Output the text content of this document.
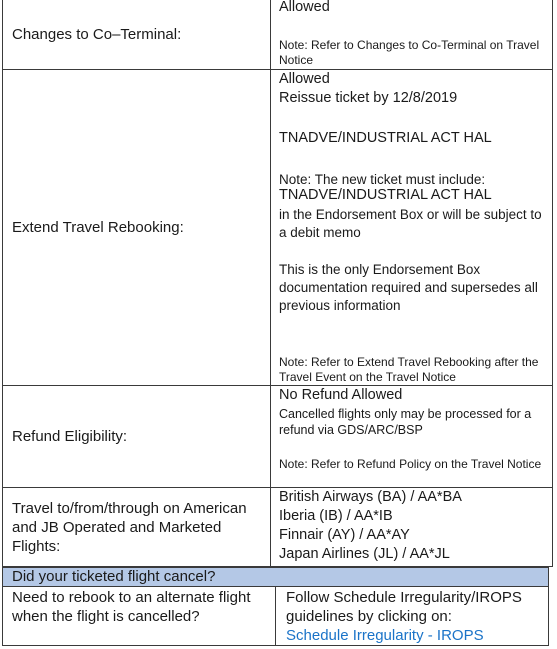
Changes to Co–Terminal:
Allowed
Note: Refer to Changes to Co-Terminal on Travel Notice
Extend Travel Rebooking:
Allowed
Reissue ticket by 12/8/2019
TNADVE/INDUSTRIAL ACT HAL
Note: The new ticket must include:
TNADVE/INDUSTRIAL ACT HAL
in the Endorsement Box or will be subject to a debit memo
This is the only Endorsement Box documentation required and supersedes all previous information
Note: Refer to Extend Travel Rebooking after the Travel Event on the Travel Notice
Refund Eligibility:
No Refund Allowed
Cancelled flights only may be processed for a refund via GDS/ARC/BSP
Note: Refer to Refund Policy on the Travel Notice
Travel to/from/through on American and JB Operated and Marketed Flights:
British Airways (BA) / AA*BA
Iberia (IB) / AA*IB
Finnair (AY) / AA*AY
Japan Airlines (JL) / AA*JL
Did your ticketed flight cancel?
Need to rebook to an alternate flight when the flight is cancelled?
Follow Schedule Irregularity/IROPS guidelines by clicking on:
Schedule Irregularity - IROPS
